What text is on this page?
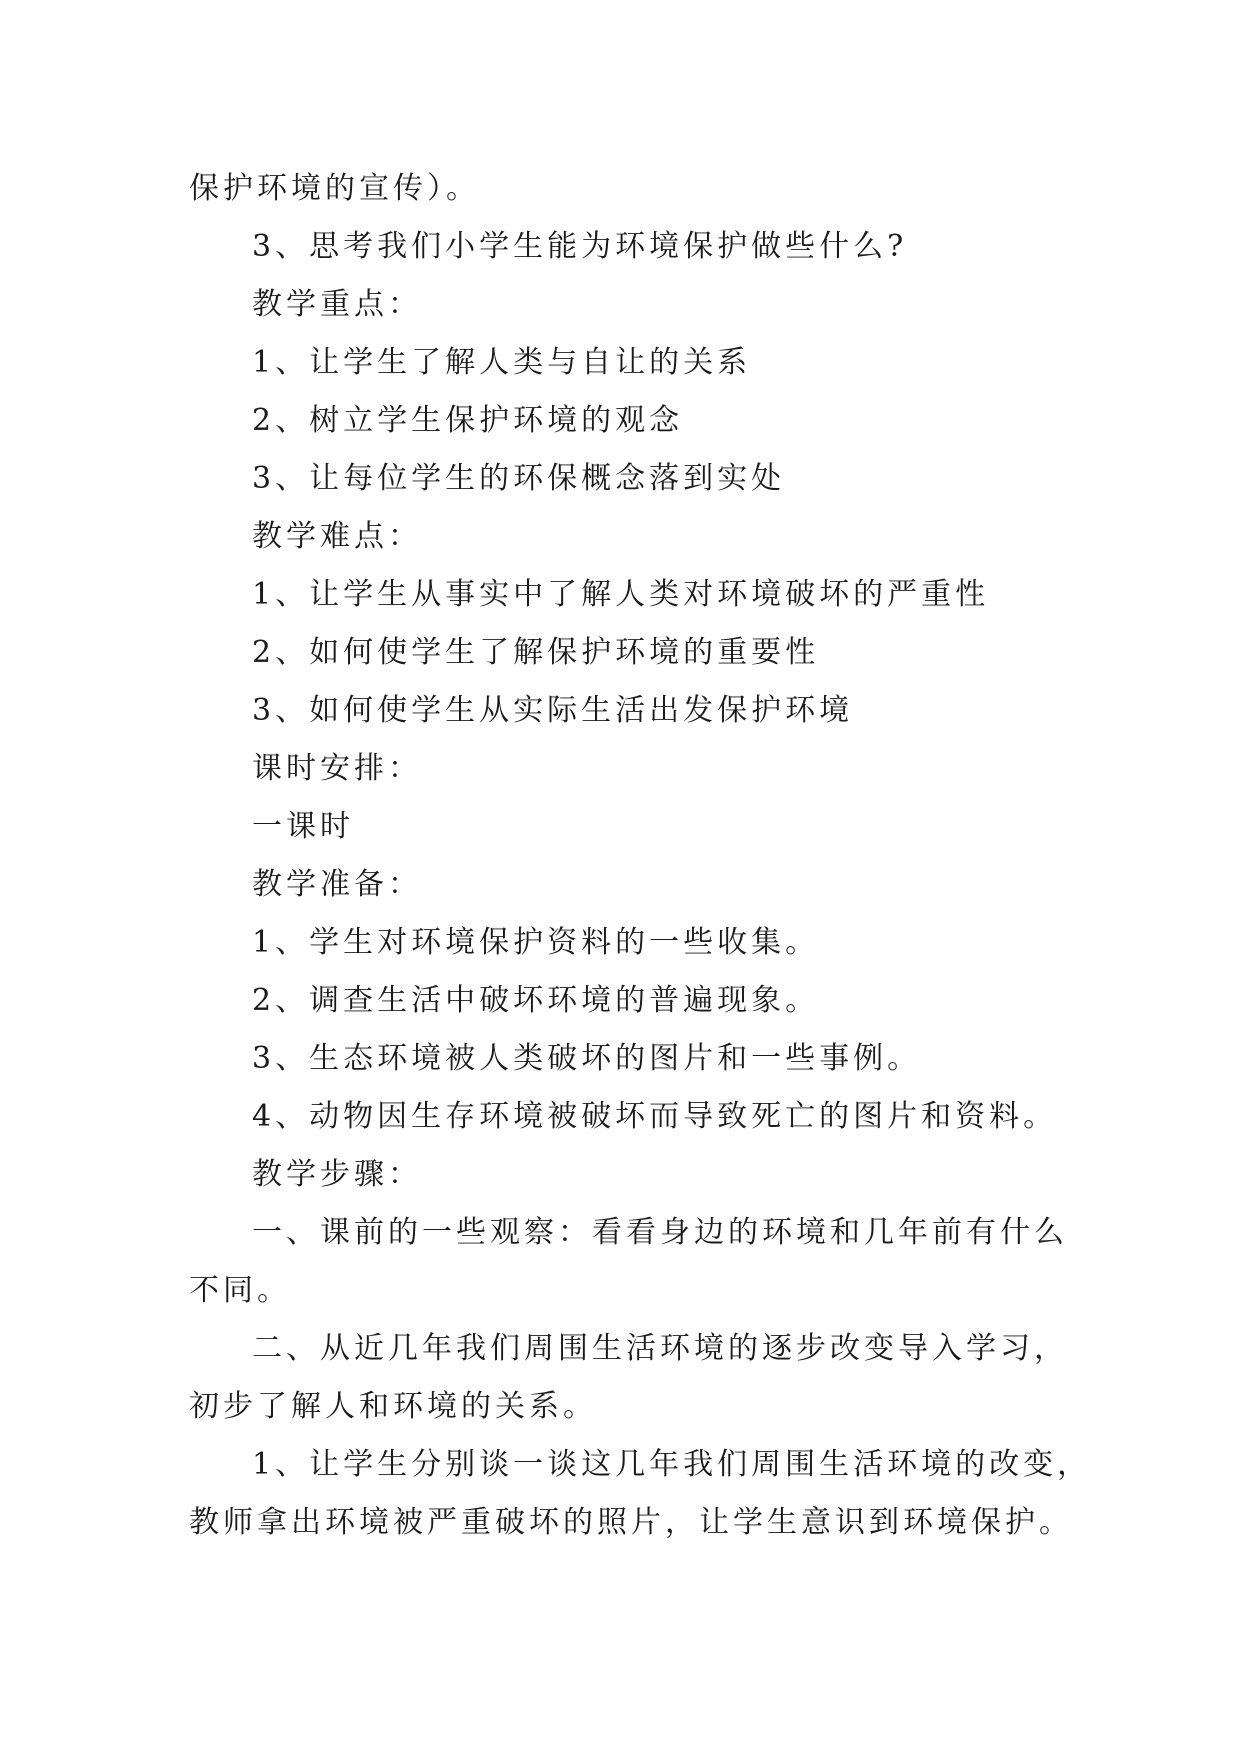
保护环境的宣传）。
3、思考我们小学生能为环境保护做些什么?
教学重点：
1、让学生了解人类与自让的关系
2、树立学生保护环境的观念
3、让每位学生的环保概念落到实处
教学难点：
1、让学生从事实中了解人类对环境破坏的严重性
2、如何使学生了解保护环境的重要性
3、如何使学生从实际生活出发保护环境
课时安排：
一课时
教学准备：
1、学生对环境保护资料的一些收集。
2、调查生活中破坏环境的普遍现象。
3、生态环境被人类破坏的图片和一些事例。
4、动物因生存环境被破坏而导致死亡的图片和资料。
教学步骤：
一、课前的一些观察：看看身边的环境和几年前有什么
不同。
二、从近几年我们周围生活环境的逐步改变导入学习，
初步了解人和环境的关系。
1、让学生分别谈一谈这几年我们周围生活环境的改变，
教师拿出环境被严重破坏的照片，让学生意识到环境保护。
